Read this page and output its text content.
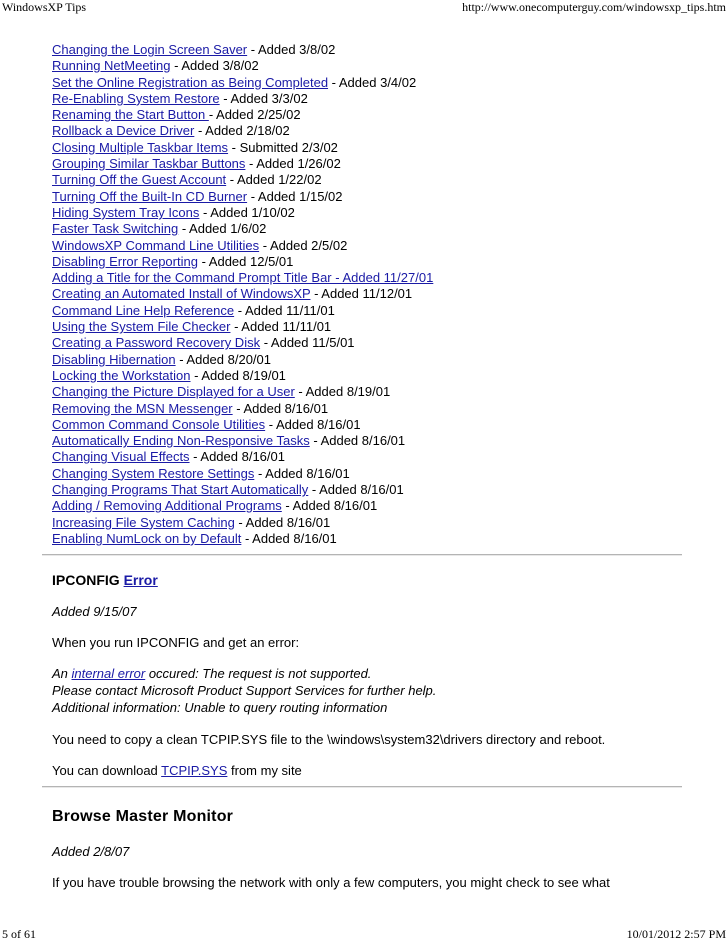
WindowsXP Tips	http://www.onecomputerguy.com/windowsxp_tips.htm
Changing the Login Screen Saver - Added 3/8/02
Running NetMeeting - Added 3/8/02
Set the Online Registration as Being Completed - Added 3/4/02
Re-Enabling System Restore - Added 3/3/02
Renaming the Start Button - Added 2/25/02
Rollback a Device Driver - Added 2/18/02
Closing Multiple Taskbar Items - Submitted 2/3/02
Grouping Similar Taskbar Buttons - Added 1/26/02
Turning Off the Guest Account - Added 1/22/02
Turning Off the Built-In CD Burner - Added 1/15/02
Hiding System Tray Icons - Added 1/10/02
Faster Task Switching - Added 1/6/02
WindowsXP Command Line Utilities - Added 2/5/02
Disabling Error Reporting - Added 12/5/01
Adding a Title for the Command Prompt Title Bar - Added 11/27/01
Creating an Automated Install of WindowsXP - Added 11/12/01
Command Line Help Reference - Added 11/11/01
Using the System File Checker - Added 11/11/01
Creating a Password Recovery Disk - Added 11/5/01
Disabling Hibernation - Added 8/20/01
Locking the Workstation - Added 8/19/01
Changing the Picture Displayed for a User - Added 8/19/01
Removing the MSN Messenger - Added 8/16/01
Common Command Console Utilities - Added 8/16/01
Automatically Ending Non-Responsive Tasks - Added 8/16/01
Changing Visual Effects - Added 8/16/01
Changing System Restore Settings - Added 8/16/01
Changing Programs That Start Automatically - Added 8/16/01
Adding / Removing Additional Programs - Added 8/16/01
Increasing File System Caching - Added 8/16/01
Enabling NumLock on by Default - Added 8/16/01
IPCONFIG Error
Added 9/15/07
When you run IPCONFIG and get an error:
An internal error occured: The request is not supported.
Please contact Microsoft Product Support Services for further help.
Additional information: Unable to query routing information
You need to copy a clean TCPIP.SYS file to the \windows\system32\drivers directory and reboot.
You can download TCPIP.SYS from my site
Browse Master Monitor
Added 2/8/07
If you have trouble browsing the network with only a few computers, you might check to see what
5 of 61	10/01/2012 2:57 PM
